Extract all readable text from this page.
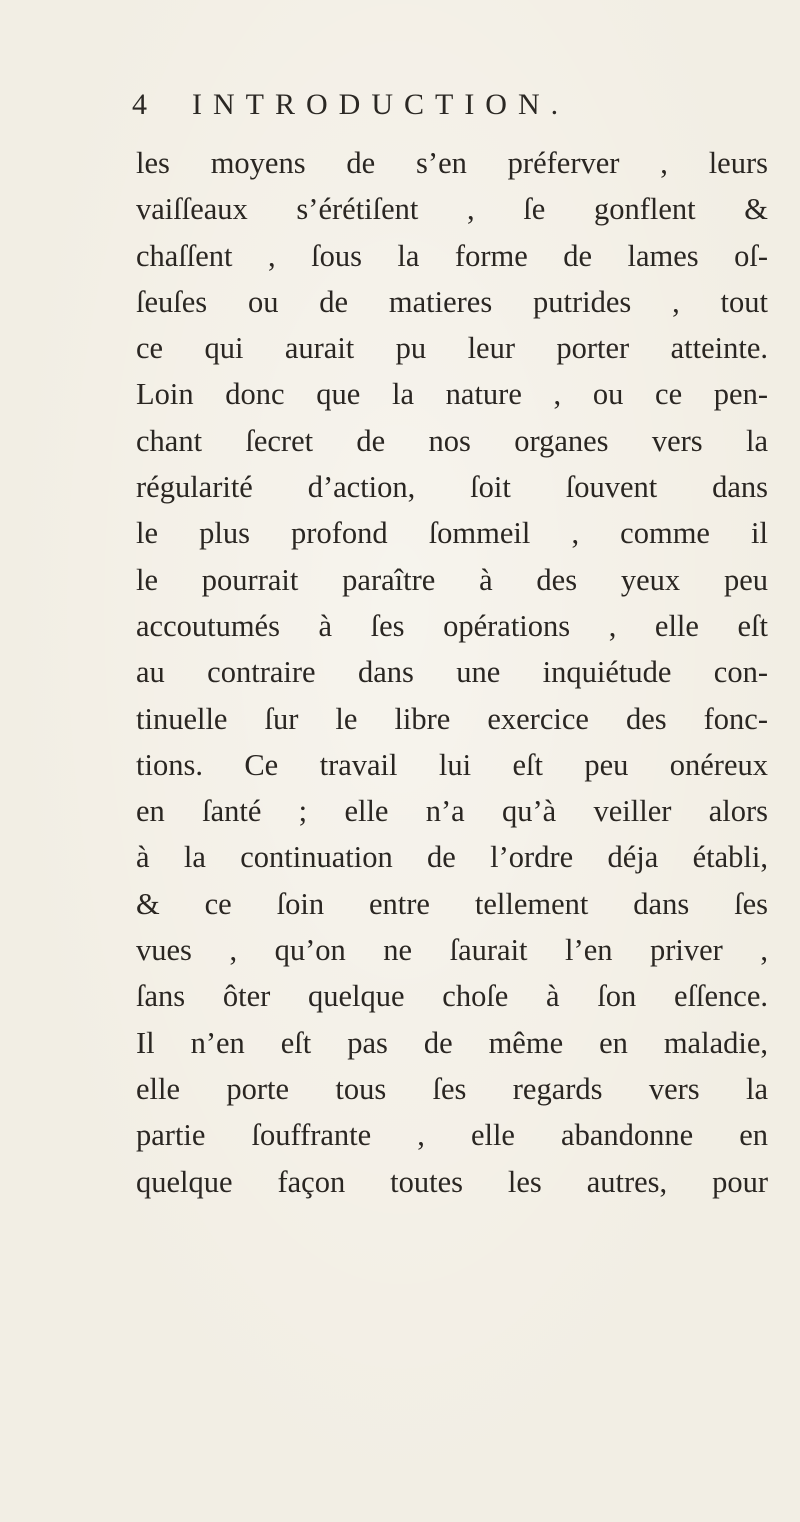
4	INTRODUCTION.
les moyens de s’en préferver , leurs
vaiſſeaux s’érétiſent , ſe gonflent &
chaſſent , ſous la forme de lames oſ-
ſeuſes ou de matieres putrides , tout
ce qui aurait pu leur porter atteinte.
Loin donc que la nature , ou ce pen-
chant ſecret de nos organes vers la
régularité d’action, ſoit ſouvent dans
le plus profond ſommeil , comme il
le pourrait paraître à des yeux peu
accoutumés à ſes opérations , elle eſt
au contraire dans une inquiétude con-
tinuelle ſur le libre exercice des fonc-
tions. Ce travail lui eſt peu onéreux
en ſanté ; elle n’a qu’à veiller alors
à la continuation de l’ordre déja établi,
& ce ſoin entre tellement dans ſes
vues , qu’on ne ſaurait l’en priver ,
ſans ôter quelque choſe à ſon eſſence.
Il n’en eſt pas de même en maladie,
elle porte tous ſes regards vers la
partie ſouffrante , elle abandonne en
quelque façon toutes les autres, pour
